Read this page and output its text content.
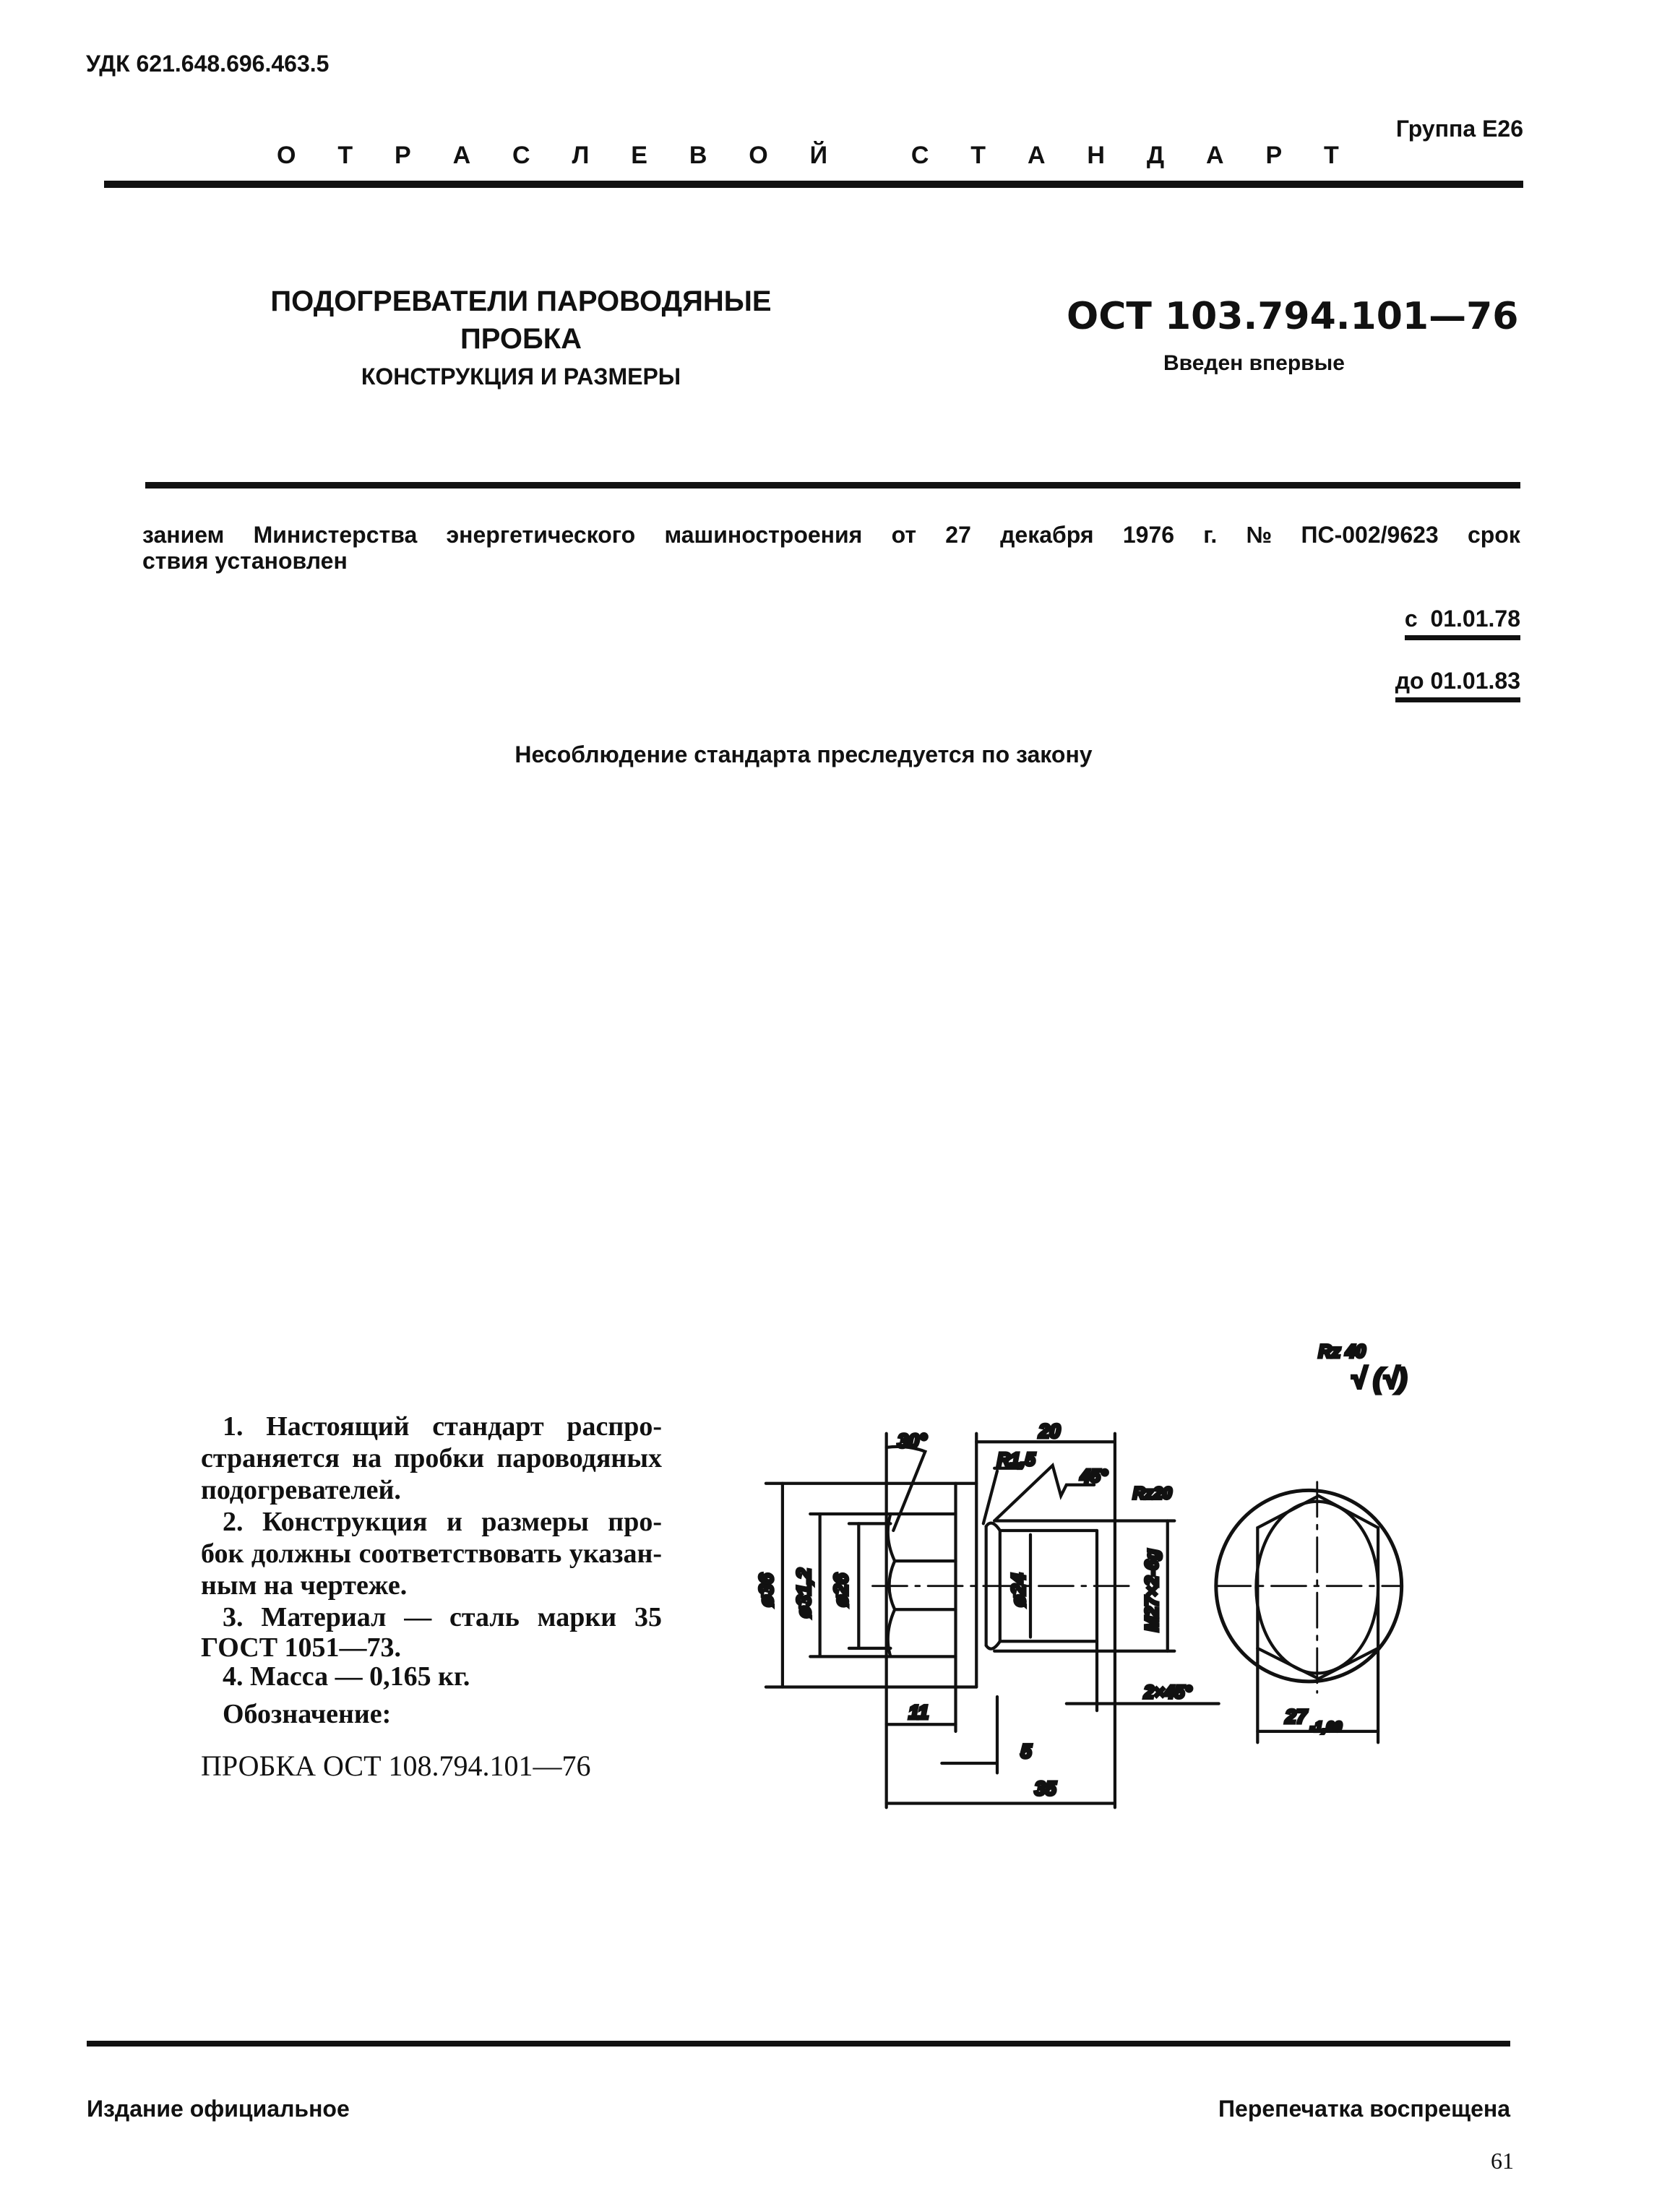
УДК 621.648.696.463.5
Группа Е26
О Т Р А С Л Е В О Й	С Т А Н Д А Р Т
ПОДОГРЕВАТЕЛИ ПАРОВОДЯНЫЕ
ПРОБКА
КОНСТРУКЦИЯ И РАЗМЕРЫ
ОСТ 103.794.101—76
Введен впервые
занием Министерства энергетического машиностроения от 27 декабря 1976 г. № ПС-002/9623 срок
ствия установлен
с  01.01.78
до 01.01.83
Несоблюдение стандарта преследуется по закону
1. Настоящий стандарт распро-
страняется на пробки пароводяных
подогревателей.
2. Конструкция и размеры про-
бок должны соответствовать указан-
ным на чертеже.
3. Материал — сталь марки 35
ГОСТ 1051—73.
4. Масса — 0,165 кг.
Обозначение:
ПРОБКА ОСТ 108.794.101—76
Rz 40
√ (√)
30°	20
R1,5
45°
Rz20
ø36 ø31,2 ø26	ø24	M27×2-6g
11
2×45°
5
35
27 -1,00
Издание официальное	Перепечатка воспрещена
61
